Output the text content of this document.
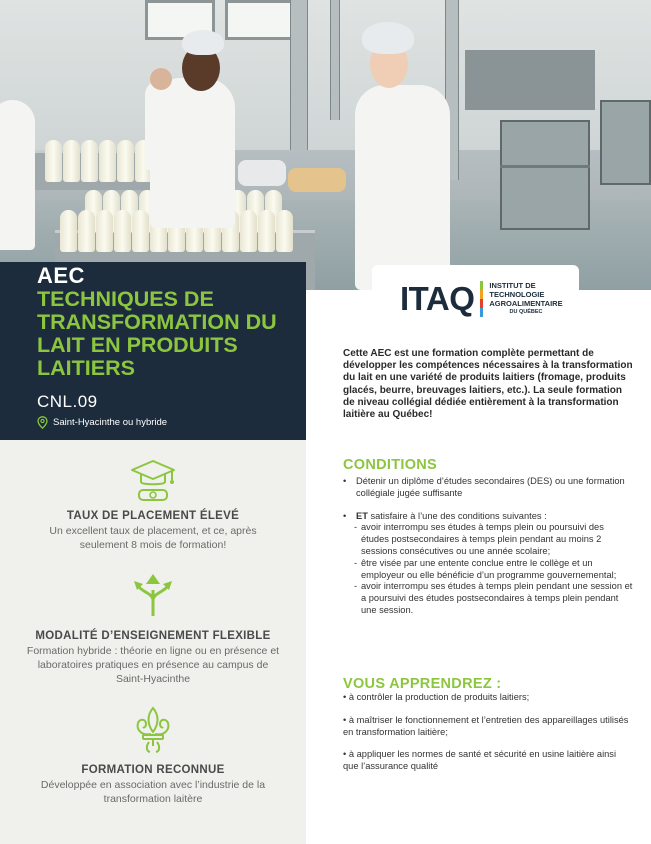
AEC
TECHNIQUES DE TRANSFORMATION DU LAIT EN PRODUITS LAITIERS
CNL.09
Saint-Hyacinthe ou hybride
ITAQ INSTITUT DE
TECHNOLOGIE
AGROALIMENTAIRE
DU QUÉBEC
TAUX DE PLACEMENT ÉLEVÉ
Un excellent taux de placement, et ce, après seulement 8 mois de formation!
MODALITÉ D’ENSEIGNEMENT FLEXIBLE
Formation hybride : théorie en ligne ou en présence et laboratoires pratiques en présence au campus de Saint-Hyacinthe
FORMATION RECONNUE
Développée en association avec l’industrie de la transformation laitère
Cette AEC est une formation complète permettant de développer les compétences nécessaires à la transformation du lait en une variété de produits laitiers (fromage, produits glacés, beurre, breuvages laitiers, etc.). La seule formation de niveau collégial dédiée entièrement à la transformation laitière au Québec!
CONDITIONS
•	Détenir un diplôme d’études secondaires (DES) ou une formation collégiale jugée suffisante
•	ET satisfaire à l’une des conditions suivantes :
- avoir interrompu ses études à temps plein ou poursuivi des études postsecondaires à temps plein pendant au moins 2 sessions consécutives ou une année scolaire;
- être visée par une entente conclue entre le collège et un employeur ou elle bénéficie d’un programme gouvernemental;
- avoir interrompu ses études à temps plein pendant une session et a poursuivi des études postsecondaires à temps plein pendant une session.
VOUS APPRENDREZ :
• à contrôler la production de produits laitiers;
• à maîtriser le fonctionnement et l’entretien des appareillages utilisés en transformation laitière;
• à appliquer les normes de santé et sécurité en usine laitière ainsi que l’assurance qualité
